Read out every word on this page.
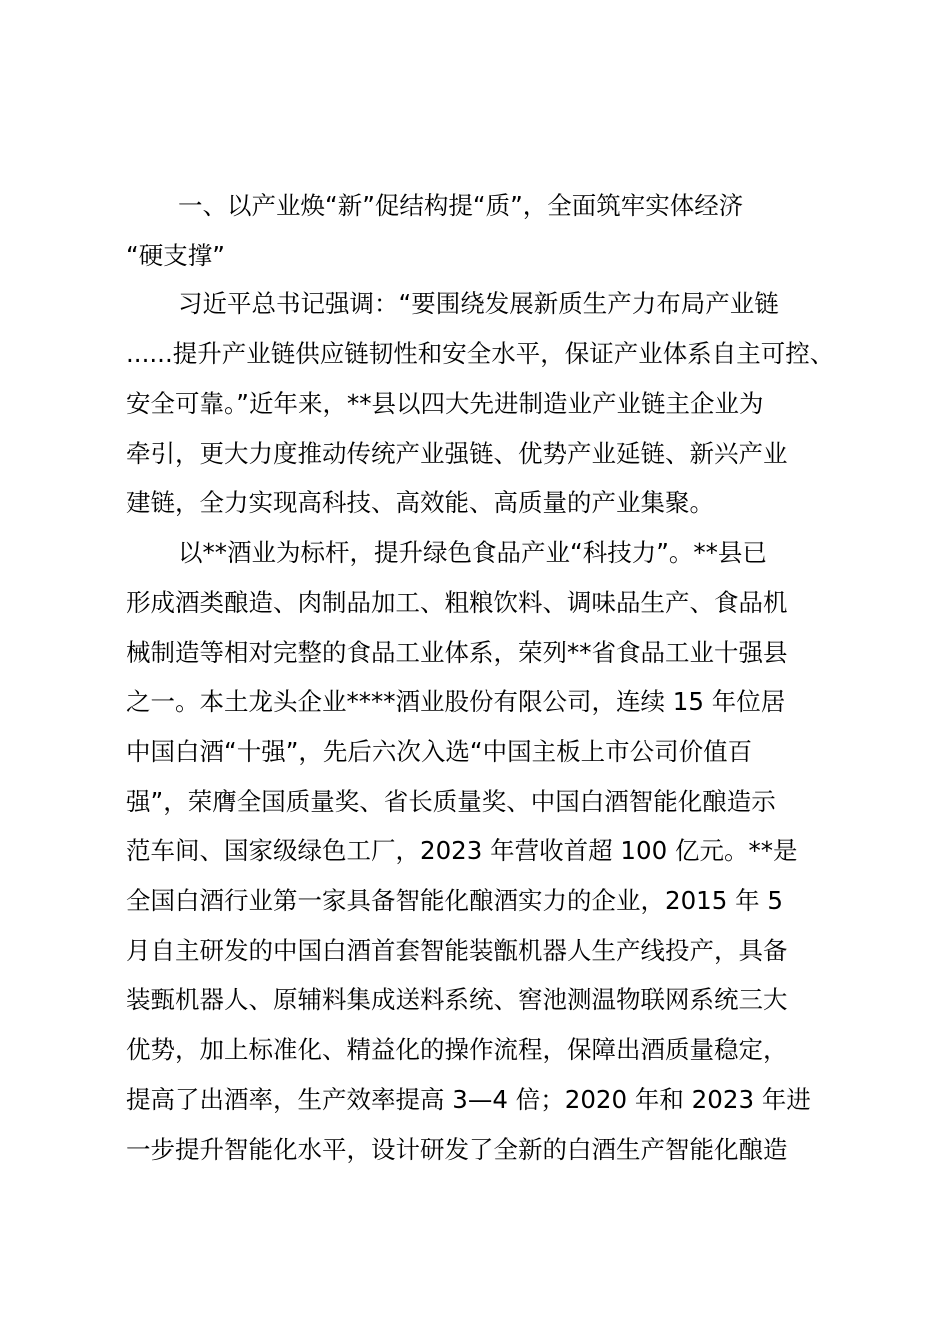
一、以产业焕“新”促结构提“质”，全面筑牢实体经济
“硬支撑”
习近平总书记强调：“要围绕发展新质生产力布局产业链
......提升产业链供应链韧性和安全水平，保证产业体系自主可控、
安全可靠。”近年来，**县以四大先进制造业产业链主企业为
牵引，更大力度推动传统产业强链、优势产业延链、新兴产业
建链，全力实现高科技、高效能、高质量的产业集聚。
以**酒业为标杆，提升绿色食品产业“科技力”。**县已
形成酒类酿造、肉制品加工、粗粮饮料、调味品生产、食品机
械制造等相对完整的食品工业体系，荣列**省食品工业十强县
之一。本土龙头企业****酒业股份有限公司，连续 15 年位居
中国白酒“十强”，先后六次入选“中国主板上市公司价值百
强”，荣膺全国质量奖、省长质量奖、中国白酒智能化酿造示
范车间、国家级绿色工厂，2023 年营收首超 100 亿元。**是
全国白酒行业第一家具备智能化酿酒实力的企业，2015 年 5
月自主研发的中国白酒首套智能装甑机器人生产线投产，具备
装甄机器人、原辅料集成送料系统、窖池测温物联网系统三大
优势，加上标准化、精益化的操作流程，保障出酒质量稳定，
提高了出酒率，生产效率提高 3—4 倍；2020 年和 2023 年进
一步提升智能化水平，设计研发了全新的白酒生产智能化酿造
